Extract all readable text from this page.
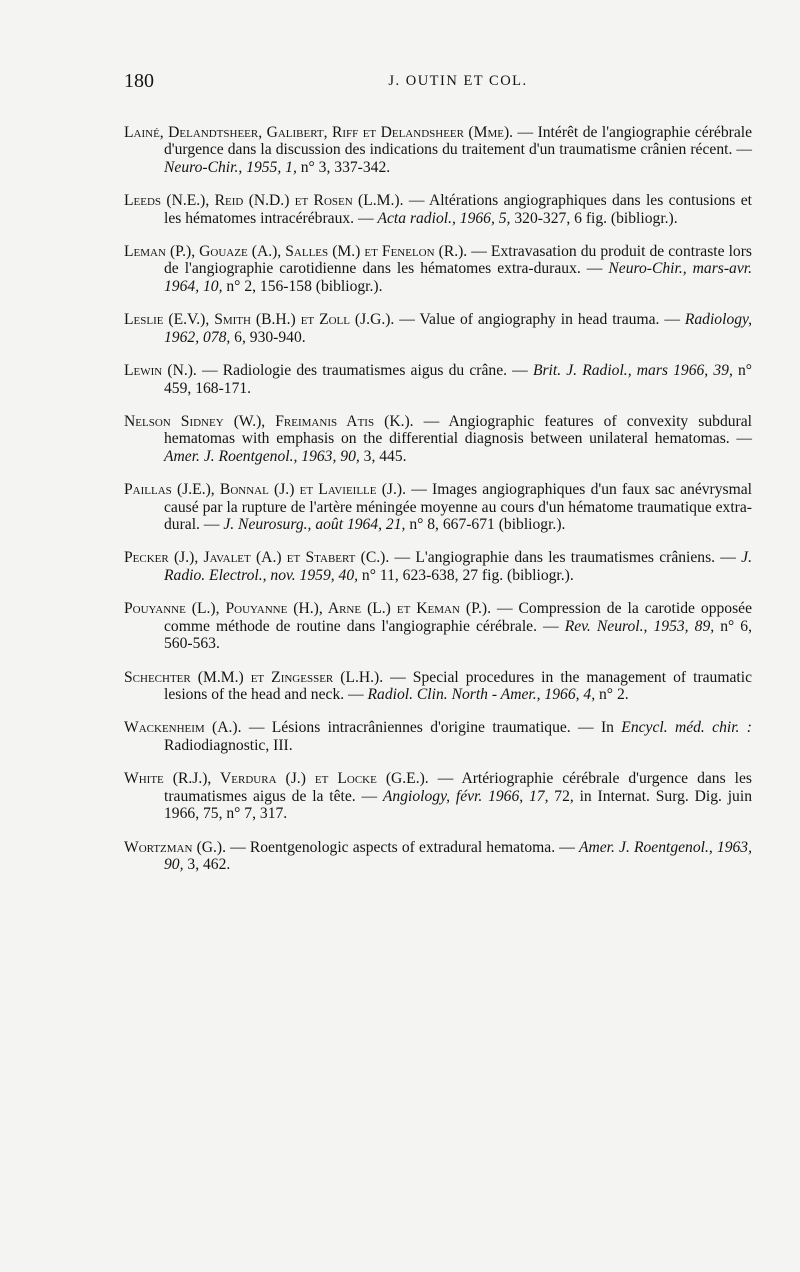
180	J. OUTIN ET COL.

Lainé, Delandtsheer, Galibert, Riff et Delandsheer (Mme). — Intérêt de l'angiographie cérébrale d'urgence dans la discussion des indications du traitement d'un traumatisme crânien récent. — Neuro-Chir., 1955, 1, n° 3, 337-342.

Leeds (N.E.), Reid (N.D.) et Rosen (L.M.). — Altérations angiographiques dans les contusions et les hématomes intracérébraux. — Acta radiol., 1966, 5, 320-327, 6 fig. (bibliogr.).

Leman (P.), Gouaze (A.), Salles (M.) et Fenelon (R.). — Extravasation du produit de contraste lors de l'angiographie carotidienne dans les hématomes extra-duraux. — Neuro-Chir., mars-avr. 1964, 10, n° 2, 156-158 (bibliogr.).

Leslie (E.V.), Smith (B.H.) et Zoll (J.G.). — Value of angiography in head trauma. — Radiology, 1962, 078, 6, 930-940.

Lewin (N.). — Radiologie des traumatismes aigus du crâne. — Brit. J. Radiol., mars 1966, 39, n° 459, 168-171.

Nelson Sidney (W.), Freimanis Atis (K.). — Angiographic features of convexity subdural hematomas with emphasis on the differential diagnosis between unilateral hematomas. — Amer. J. Roentgenol., 1963, 90, 3, 445.

Paillas (J.E.), Bonnal (J.) et Lavieille (J.). — Images angiographiques d'un faux sac anévrysmal causé par la rupture de l'artère méningée moyenne au cours d'un hématome traumatique extra-dural. — J. Neurosurg., août 1964, 21, n° 8, 667-671 (bibliogr.).

Pecker (J.), Javalet (A.) et Stabert (C.). — L'angiographie dans les traumatismes crâniens. — J. Radio. Electrol., nov. 1959, 40, n° 11, 623-638, 27 fig. (bibliogr.).

Pouyanne (L.), Pouyanne (H.), Arne (L.) et Keman (P.). — Compression de la carotide opposée comme méthode de routine dans l'angiographie cérébrale. — Rev. Neurol., 1953, 89, n° 6, 560-563.

Schechter (M.M.) et Zingesser (L.H.). — Special procedures in the management of traumatic lesions of the head and neck. — Radiol. Clin. North - Amer., 1966, 4, n° 2.

Wackenheim (A.). — Lésions intracrâniennes d'origine traumatique. — In Encycl. méd. chir. : Radiodiagnostic, III.

White (R.J.), Verdura (J.) et Locke (G.E.). — Artériographie cérébrale d'urgence dans les traumatismes aigus de la tête. — Angiology, févr. 1966, 17, 72, in Internat. Surg. Dig. juin 1966, 75, n° 7, 317.

Wortzman (G.). — Roentgenologic aspects of extradural hematoma. — Amer. J. Roentgenol., 1963, 90, 3, 462.
